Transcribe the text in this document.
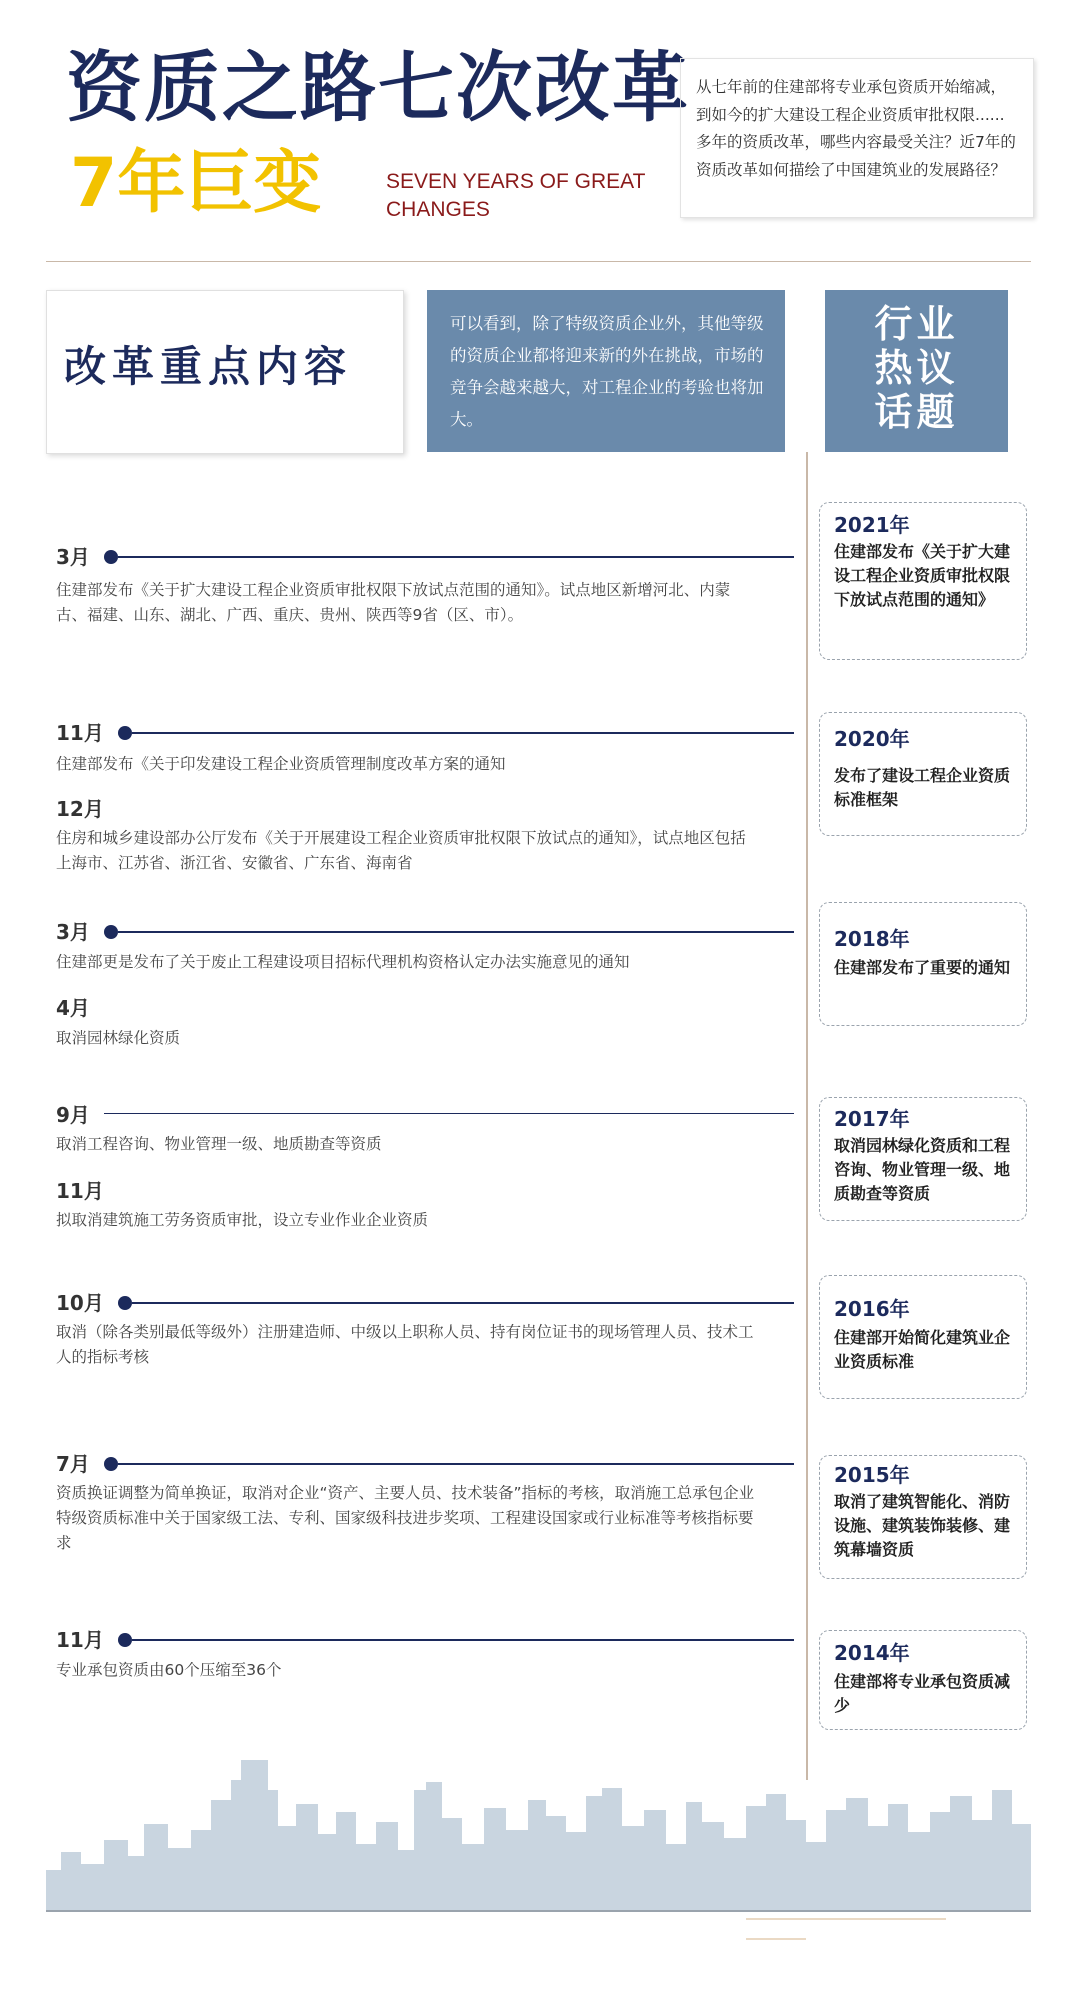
资质之路七次改革
7年巨变	SEVEN YEARS OF GREAT CHANGES
从七年前的住建部将专业承包资质开始缩减，到如今的扩大建设工程企业资质审批权限......多年的资质改革，哪些内容最受关注？近7年的资质改革如何描绘了中国建筑业的发展路径？
改革重点内容
可以看到，除了特级资质企业外，其他等级的资质企业都将迎来新的外在挑战，市场的竞争会越来越大，对工程企业的考验也将加大。
行业
热议
话题
3月
住建部发布《关于扩大建设工程企业资质审批权限下放试点范围的通知》。试点地区新增河北、内蒙古、福建、山东、湖北、广西、重庆、贵州、陕西等9省（区、市）。
11月
住建部发布《关于印发建设工程企业资质管理制度改革方案的通知
12月
住房和城乡建设部办公厅发布《关于开展建设工程企业资质审批权限下放试点的通知》，试点地区包括上海市、江苏省、浙江省、安徽省、广东省、海南省
3月
住建部更是发布了关于废止工程建设项目招标代理机构资格认定办法实施意见的通知
4月
取消园林绿化资质
9月
取消工程咨询、物业管理一级、地质勘查等资质
11月
拟取消建筑施工劳务资质审批，设立专业作业企业资质
10月
取消（除各类别最低等级外）注册建造师、中级以上职称人员、持有岗位证书的现场管理人员、技术工人的指标考核
7月
资质换证调整为简单换证，取消对企业“资产、主要人员、技术装备”指标的考核，取消施工总承包企业特级资质标准中关于国家级工法、专利、国家级科技进步奖项、工程建设国家或行业标准等考核指标要求
11月
专业承包资质由60个压缩至36个
2021年
住建部发布《关于扩大建设工程企业资质审批权限下放试点范围的通知》
2020年
发布了建设工程企业资质标准框架
2018年
住建部发布了重要的通知
2017年
取消园林绿化资质和工程咨询、物业管理一级、地质勘查等资质
2016年
住建部开始简化建筑业企业资质标准
2015年
取消了建筑智能化、消防设施、建筑装饰装修、建筑幕墙资质
2014年
住建部将专业承包资质减少
